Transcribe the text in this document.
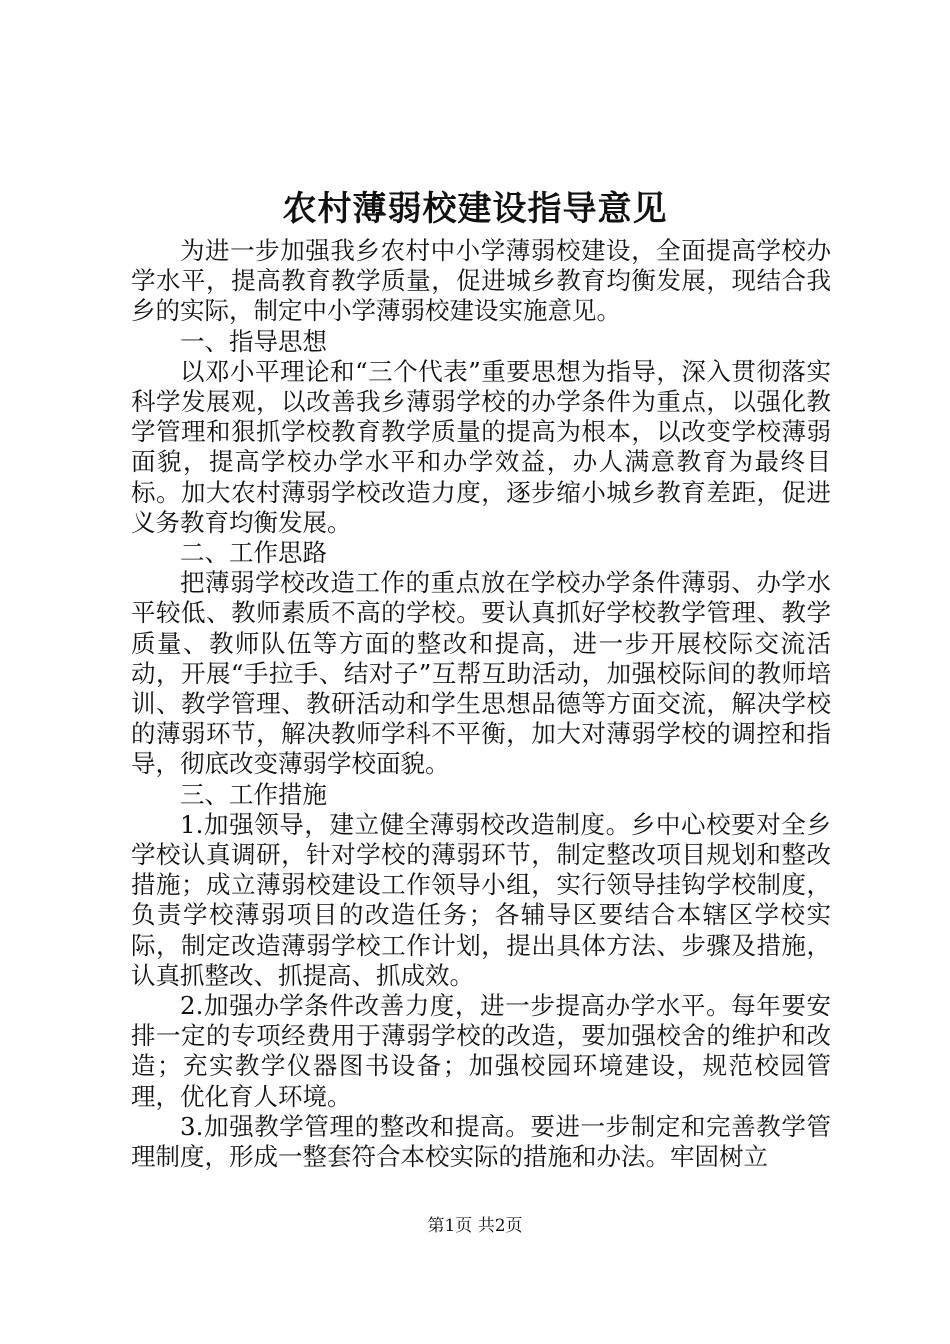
农村薄弱校建设指导意见

为进一步加强我乡农村中小学薄弱校建设，全面提高学校办学水平，提高教育教学质量，促进城乡教育均衡发展，现结合我乡的实际，制定中小学薄弱校建设实施意见。

一、指导思想

以邓小平理论和“三个代表”重要思想为指导，深入贯彻落实科学发展观，以改善我乡薄弱学校的办学条件为重点，以强化教学管理和狠抓学校教育教学质量的提高为根本，以改变学校薄弱面貌，提高学校办学水平和办学效益，办人满意教育为最终目标。加大农村薄弱学校改造力度，逐步缩小城乡教育差距，促进义务教育均衡发展。

二、工作思路

把薄弱学校改造工作的重点放在学校办学条件薄弱、办学水平较低、教师素质不高的学校。要认真抓好学校教学管理、教学质量、教师队伍等方面的整改和提高，进一步开展校际交流活动，开展“手拉手、结对子”互帮互助活动，加强校际间的教师培训、教学管理、教研活动和学生思想品德等方面交流，解决学校的薄弱环节，解决教师学科不平衡，加大对薄弱学校的调控和指导，彻底改变薄弱学校面貌。

三、工作措施

1.加强领导，建立健全薄弱校改造制度。乡中心校要对全乡学校认真调研，针对学校的薄弱环节，制定整改项目规划和整改措施；成立薄弱校建设工作领导小组，实行领导挂钩学校制度，负责学校薄弱项目的改造任务；各辅导区要结合本辖区学校实际，制定改造薄弱学校工作计划，提出具体方法、步骤及措施，认真抓整改、抓提高、抓成效。

2.加强办学条件改善力度，进一步提高办学水平。每年要安排一定的专项经费用于薄弱学校的改造，要加强校舍的维护和改造；充实教学仪器图书设备；加强校园环境建设，规范校园管理，优化育人环境。

3.加强教学管理的整改和提高。要进一步制定和完善教学管理制度，形成一整套符合本校实际的措施和办法。牢固树立

第1页 共2页
